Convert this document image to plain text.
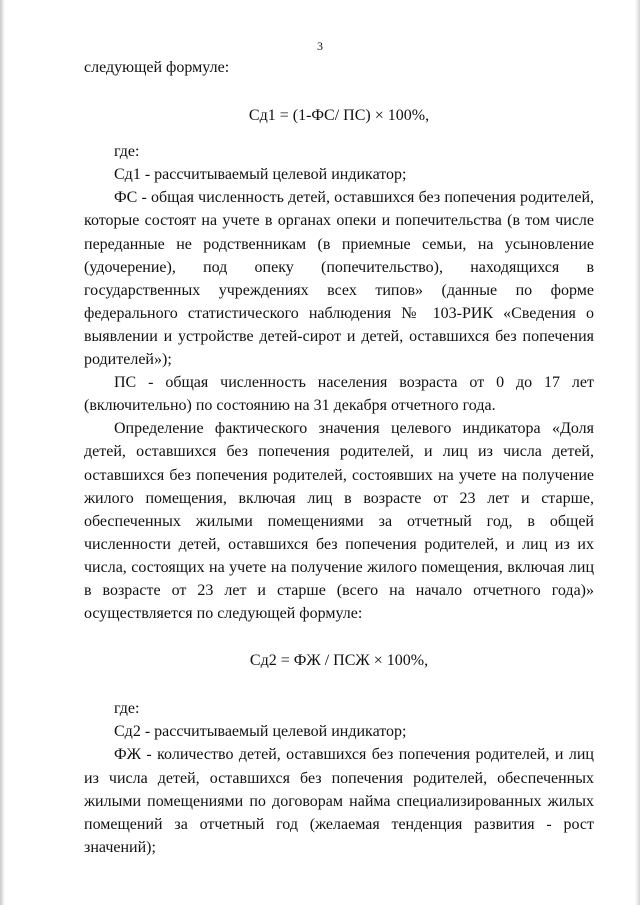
3

следующей формуле:

Сд1 = (1-ФС/ ПС) × 100%,

где:

Сд1 - рассчитываемый целевой индикатор;

ФС - общая численность детей, оставшихся без попечения родителей, которые состоят на учете в органах опеки и попечительства (в том числе переданные не родственникам (в приемные семьи, на усыновление (удочерение), под опеку (попечительство), находящихся в государственных учреждениях всех типов» (данные по форме федерального статистического наблюдения № 103-РИК «Сведения о выявлении и устройстве детей-сирот и детей, оставшихся без попечения родителей»);

ПС - общая численность населения возраста от 0 до 17 лет (включительно) по состоянию на 31 декабря отчетного года.

Определение фактического значения целевого индикатора «Доля детей, оставшихся без попечения родителей, и лиц из числа детей, оставшихся без попечения родителей, состоявших на учете на получение жилого помещения, включая лиц в возрасте от 23 лет и старше, обеспеченных жилыми помещениями за отчетный год, в общей численности детей, оставшихся без попечения родителей, и лиц из их числа, состоящих на учете на получение жилого помещения, включая лиц в возрасте от 23 лет и старше (всего на начало отчетного года)» осуществляется по следующей формуле:

Сд2 = ФЖ / ПСЖ × 100%,

где:

Сд2 - рассчитываемый целевой индикатор;

ФЖ - количество детей, оставшихся без попечения родителей, и лиц из числа детей, оставшихся без попечения родителей, обеспеченных жилыми помещениями по договорам найма специализированных жилых помещений за отчетный год (желаемая тенденция развития - рост значений);
